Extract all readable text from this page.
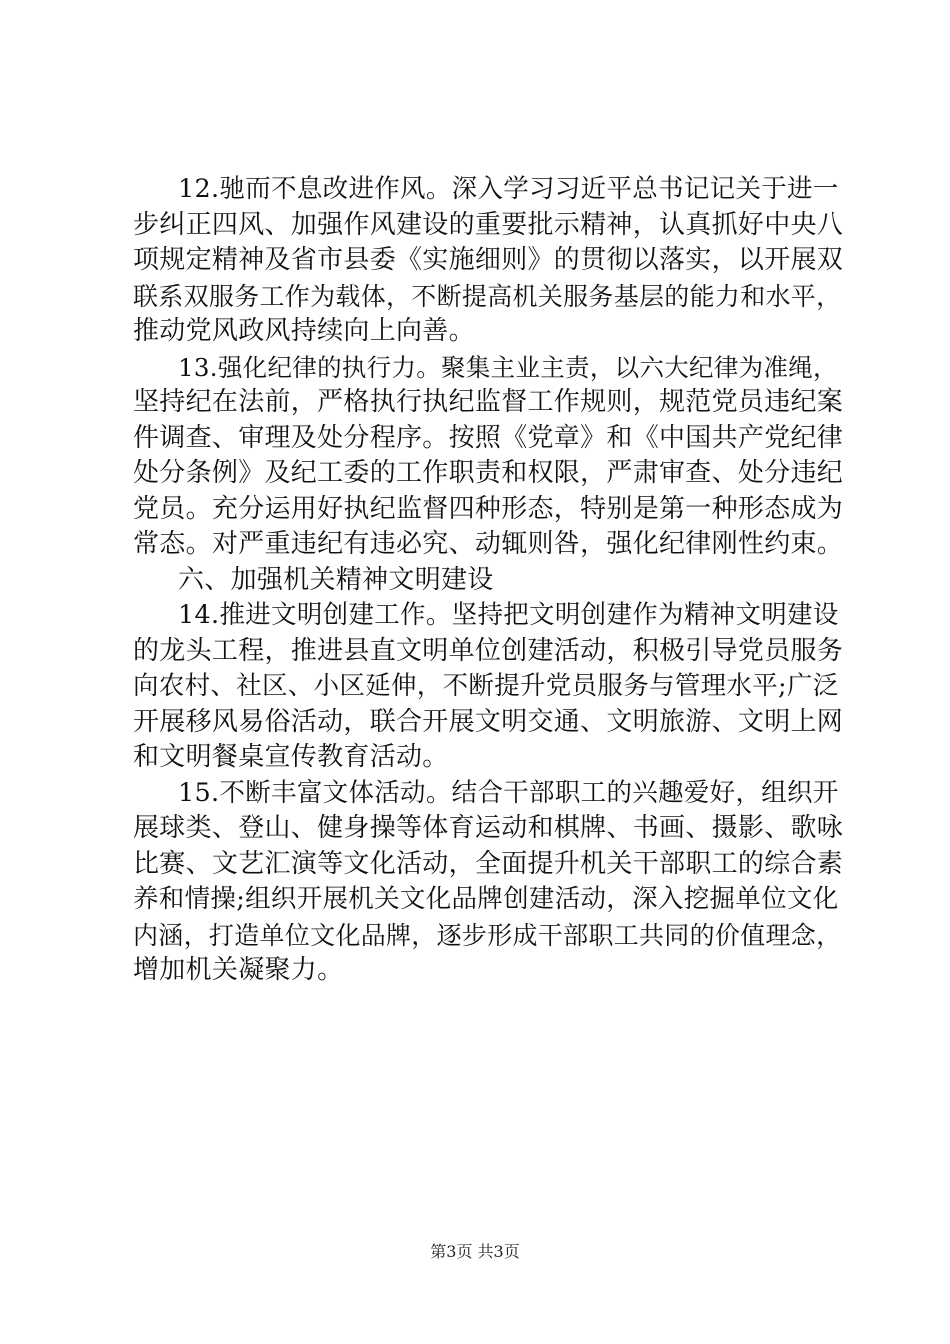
12.驰而不息改进作风。深入学习习近平总书记记关于进一
步纠正四风、加强作风建设的重要批示精神，认真抓好中央八
项规定精神及省市县委《实施细则》的贯彻以落实，以开展双
联系双服务工作为载体，不断提高机关服务基层的能力和水平，
推动党风政风持续向上向善。
13.强化纪律的执行力。聚集主业主责，以六大纪律为准绳，
坚持纪在法前，严格执行执纪监督工作规则，规范党员违纪案
件调查、审理及处分程序。按照《党章》和《中国共产党纪律
处分条例》及纪工委的工作职责和权限，严肃审查、处分违纪
党员。充分运用好执纪监督四种形态，特别是第一种形态成为
常态。对严重违纪有违必究、动辄则咎，强化纪律刚性约束。
六、加强机关精神文明建设
14.推进文明创建工作。坚持把文明创建作为精神文明建设
的龙头工程，推进县直文明单位创建活动，积极引导党员服务
向农村、社区、小区延伸，不断提升党员服务与管理水平;广泛
开展移风易俗活动，联合开展文明交通、文明旅游、文明上网
和文明餐桌宣传教育活动。
15.不断丰富文体活动。结合干部职工的兴趣爱好，组织开
展球类、登山、健身操等体育运动和棋牌、书画、摄影、歌咏
比赛、文艺汇演等文化活动，全面提升机关干部职工的综合素
养和情操;组织开展机关文化品牌创建活动，深入挖掘单位文化
内涵，打造单位文化品牌，逐步形成干部职工共同的价值理念，
增加机关凝聚力。
第3页 共3页
